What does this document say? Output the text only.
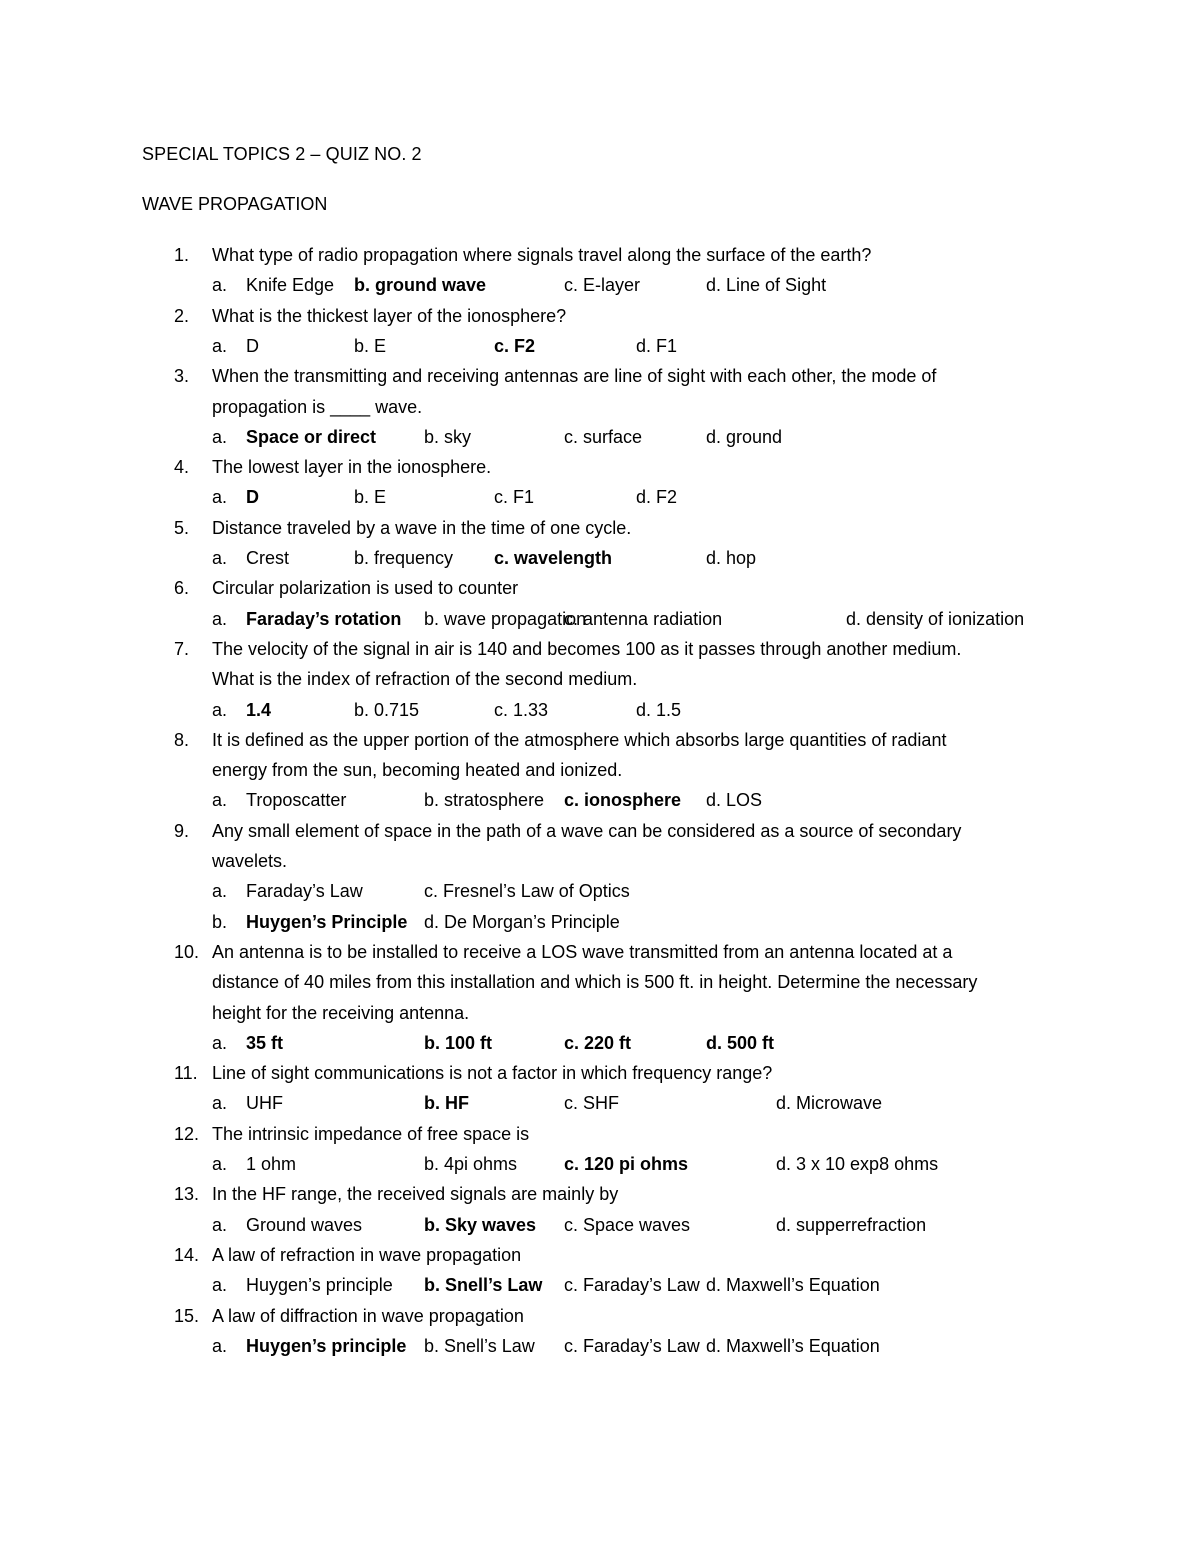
SPECIAL TOPICS 2 – QUIZ NO. 2
WAVE PROPAGATION
1. What type of radio propagation where signals travel along the surface of the earth?
a. Knife Edge b. ground wave	c. E-layer	d. Line of Sight
2. What is the thickest layer of the ionosphere?
a. D	b. E	c. F2	d. F1
3. When the transmitting and receiving antennas are line of sight with each other, the mode of
propagation is ____ wave.
a. Space or direct	b. sky	c. surface	d. ground
4. The lowest layer in the ionosphere.
a. D	b. E	c. F1	d. F2
5. Distance traveled by a wave in the time of one cycle.
a. Crest	b. frequency c. wavelength	d. hop
6. Circular polarization is used to counter
a. Faraday’s rotation b. wave propagation
c. antenna radiation	d. density of ionization
7. The velocity of the signal in air is 140 and becomes 100 as it passes through another medium.
What is the index of refraction of the second medium.
a. 1.4	b. 0.715	c. 1.33	d. 1.5
8. It is defined as the upper portion of the atmosphere which absorbs large quantities of radiant
energy from the sun, becoming heated and ionized.
a. Troposcatter	b. stratosphere c. ionosphere d. LOS
9. Any small element of space in the path of a wave can be considered as a source of secondary
wavelets.
a. Faraday’s Law	c. Fresnel’s Law of Optics
b. Huygen’s Principle d. De Morgan’s Principle
10. An antenna is to be installed to receive a LOS wave transmitted from an antenna located at a
distance of 40 miles from this installation and which is 500 ft. in height. Determine the necessary
height for the receiving antenna.
a. 35 ft	b. 100 ft	c. 220 ft	d. 500 ft
11. Line of sight communications is not a factor in which frequency range?
a. UHF	b. HF	c. SHF	d. Microwave
12. The intrinsic impedance of free space is
a. 1 ohm	b. 4pi ohms	c. 120 pi ohms	d. 3 x 10 exp8 ohms
13. In the HF range, the received signals are mainly by
a. Ground waves	b. Sky waves c. Space waves	d. supperrefraction
14. A law of refraction in wave propagation
a. Huygen’s principle b. Snell’s Law c. Faraday’s Law d. Maxwell’s Equation
15. A law of diffraction in wave propagation
a. Huygen’s principle b. Snell’s Law c. Faraday’s Law d. Maxwell’s Equation
